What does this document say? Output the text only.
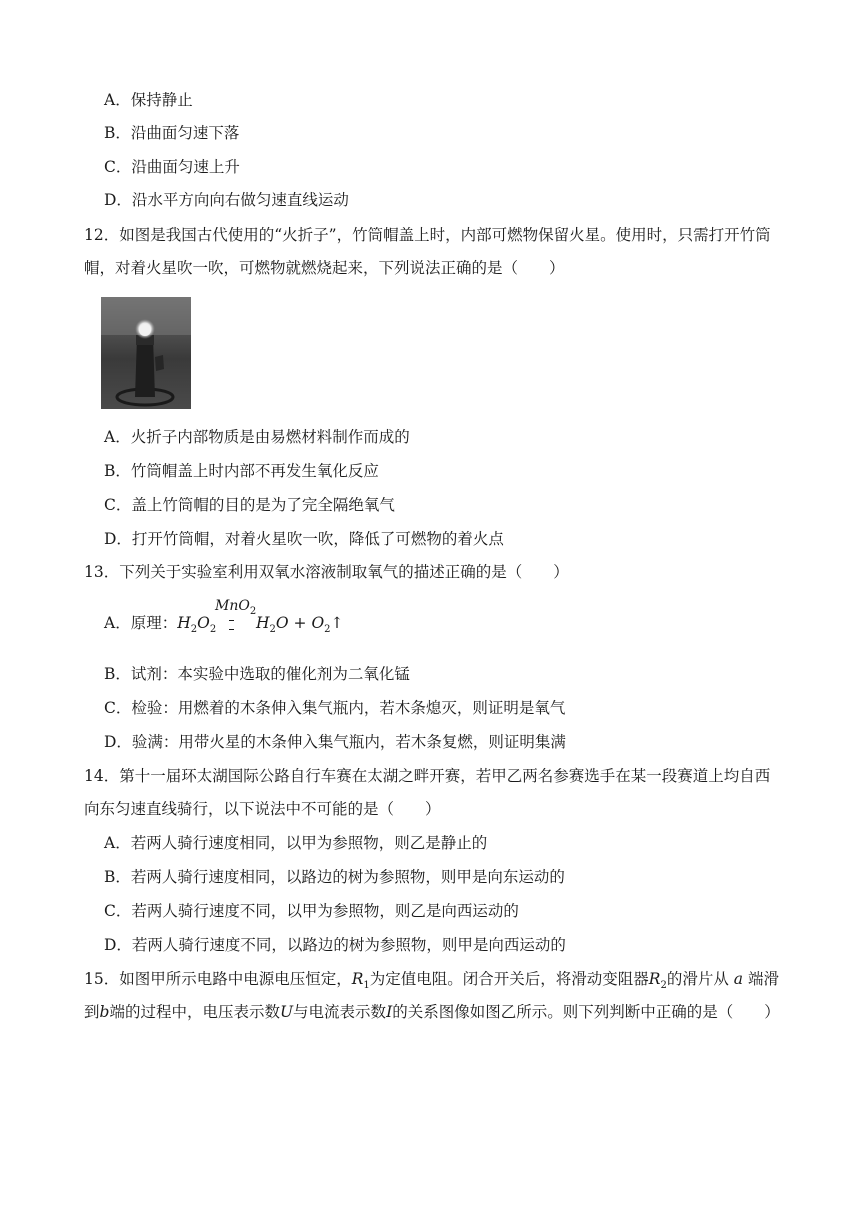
A．保持静止
B．沿曲面匀速下落
C．沿曲面匀速上升
D．沿水平方向向右做匀速直线运动
12．如图是我国古代使用的“火折子”，竹筒帽盖上时，内部可燃物保留火星。使用时，只需打开竹筒
帽，对着火星吹一吹，可燃物就燃烧起来，下列说法正确的是（　　）
A．火折子内部物质是由易燃材料制作而成的
B．竹筒帽盖上时内部不再发生氧化反应
C．盖上竹筒帽的目的是为了完全隔绝氧气
D．打开竹筒帽，对着火星吹一吹，降低了可燃物的着火点
13．下列关于实验室利用双氧水溶液制取氧气的描述正确的是（　　）
MnO$_2$
A．原理：$H_2O_2$	$H_2O$ + $O_2↑$
B．试剂：本实验中选取的催化剂为二氧化锰
C．检验：用燃着的木条伸入集气瓶内，若木条熄灭，则证明是氧气
D．验满：用带火星的木条伸入集气瓶内，若木条复燃，则证明集满
14．第十一届环太湖国际公路自行车赛在太湖之畔开赛，若甲乙两名参赛选手在某一段赛道上均自西
向东匀速直线骑行，以下说法中不可能的是（　　）
A．若两人骑行速度相同，以甲为参照物，则乙是静止的
B．若两人骑行速度相同，以路边的树为参照物，则甲是向东运动的
C．若两人骑行速度不同，以甲为参照物，则乙是向西运动的
D．若两人骑行速度不同，以路边的树为参照物，则甲是向西运动的
15．如图甲所示电路中电源电压恒定，$R_1$为定值电阻。闭合开关后，将滑动变阻器$R_2$的滑片从 a 端滑
到b端的过程中，电压表示数U与电流表示数I的关系图像如图乙所示。则下列判断中正确的是（　　）
